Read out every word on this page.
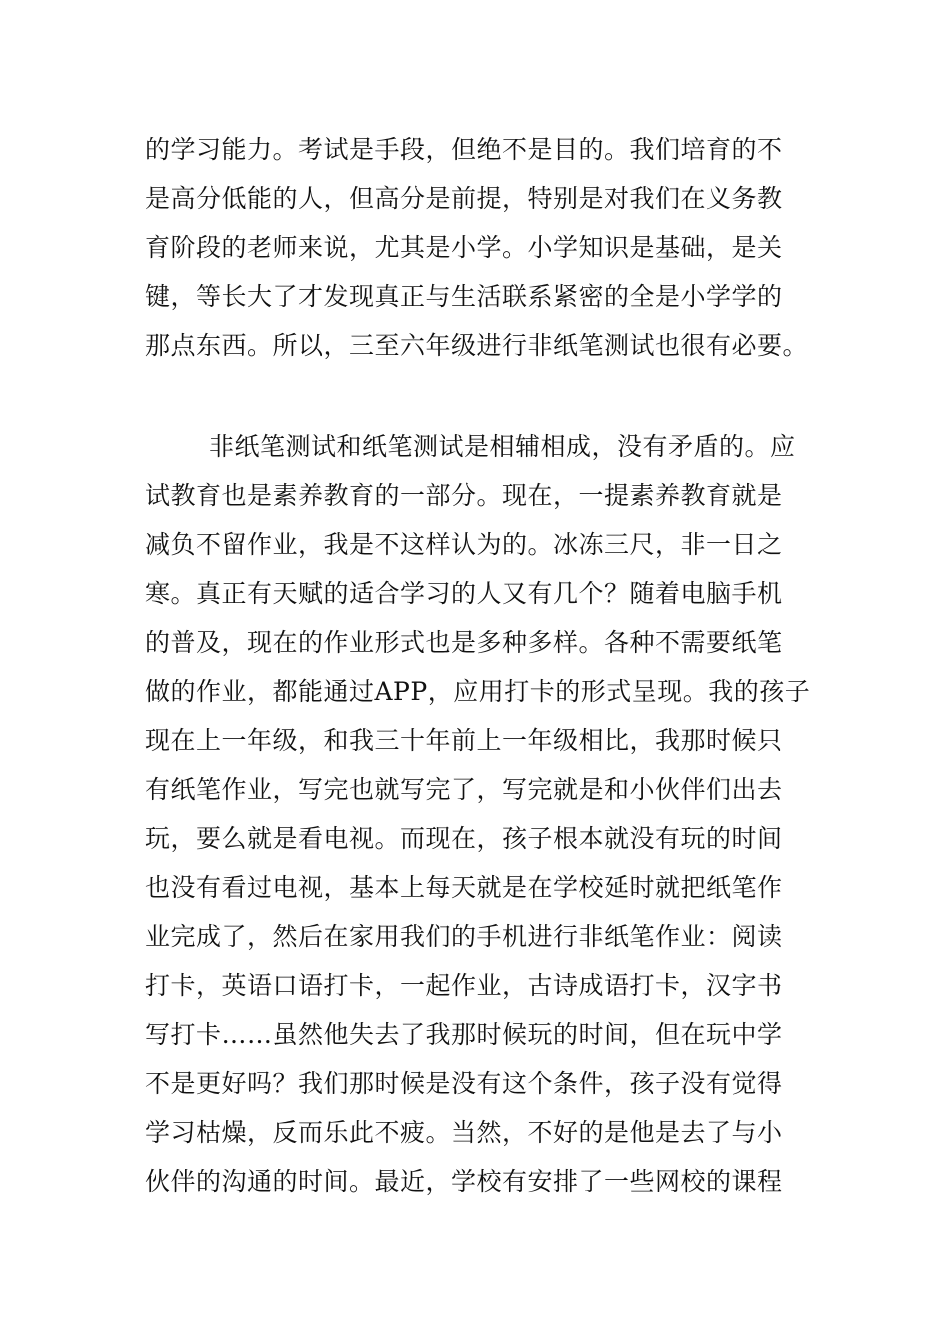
的学习能力。考试是手段，但绝不是目的。我们培育的不
是高分低能的人，但高分是前提，特别是对我们在义务教
育阶段的老师来说，尤其是小学。小学知识是基础，是关
键，等长大了才发现真正与生活联系紧密的全是小学学的
那点东西。所以，三至六年级进行非纸笔测试也很有必要。
非纸笔测试和纸笔测试是相辅相成，没有矛盾的。应
试教育也是素养教育的一部分。现在，一提素养教育就是
减负不留作业，我是不这样认为的。冰冻三尺，非一日之
寒。真正有天赋的适合学习的人又有几个？随着电脑手机
的普及，现在的作业形式也是多种多样。各种不需要纸笔
做的作业，都能通过APP，应用打卡的形式呈现。我的孩子
现在上一年级，和我三十年前上一年级相比，我那时候只
有纸笔作业，写完也就写完了，写完就是和小伙伴们出去
玩，要么就是看电视。而现在，孩子根本就没有玩的时间
也没有看过电视，基本上每天就是在学校延时就把纸笔作
业完成了，然后在家用我们的手机进行非纸笔作业：阅读
打卡，英语口语打卡，一起作业，古诗成语打卡，汉字书
写打卡……虽然他失去了我那时候玩的时间，但在玩中学
不是更好吗？我们那时候是没有这个条件，孩子没有觉得
学习枯燥，反而乐此不疲。当然，不好的是他是去了与小
伙伴的沟通的时间。最近，学校有安排了一些网校的课程
